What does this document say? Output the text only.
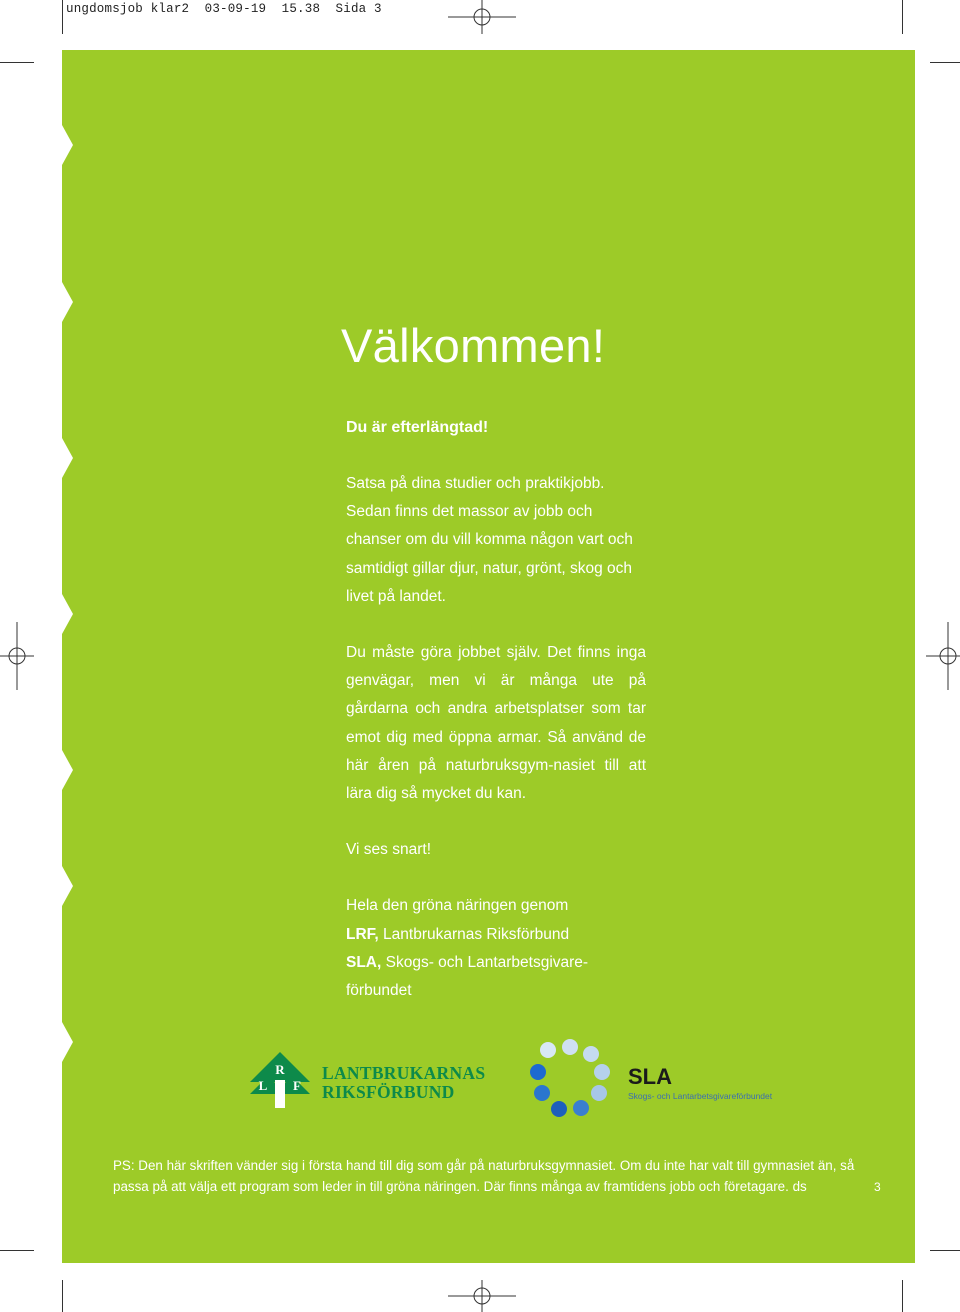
ungdomsjob klar2  03-09-19  15.38  Sida 3
Välkommen!
Du är efterlängtad!
Satsa på dina studier och praktikjobb. Sedan finns det massor av jobb och chanser om du vill komma någon vart och samtidigt gillar djur, natur, grönt, skog och livet på landet.
Du måste göra jobbet själv. Det finns inga genvägar, men vi är många ute på gårdarna och andra arbetsplatser som tar emot dig med öppna armar. Så använd de här åren på naturbruksgym-nasiet till att lära dig så mycket du kan.
Vi ses snart!
Hela den gröna näringen genom
LRF, Lantbrukarnas Riksförbund
SLA, Skogs- och Lantarbetsgivare-förbundet
R
L F
LANTBRUKARNAS
RIKSFÖRBUND
SLA
Skogs- och Lantarbetsgivareförbundet
PS: Den här skriften vänder sig i första hand till dig som går på naturbruksgymnasiet. Om du inte har valt till gymnasiet än, så passa på att välja ett program som leder in till gröna näringen. Där finns många av framtidens jobb och företagare. ds	3
